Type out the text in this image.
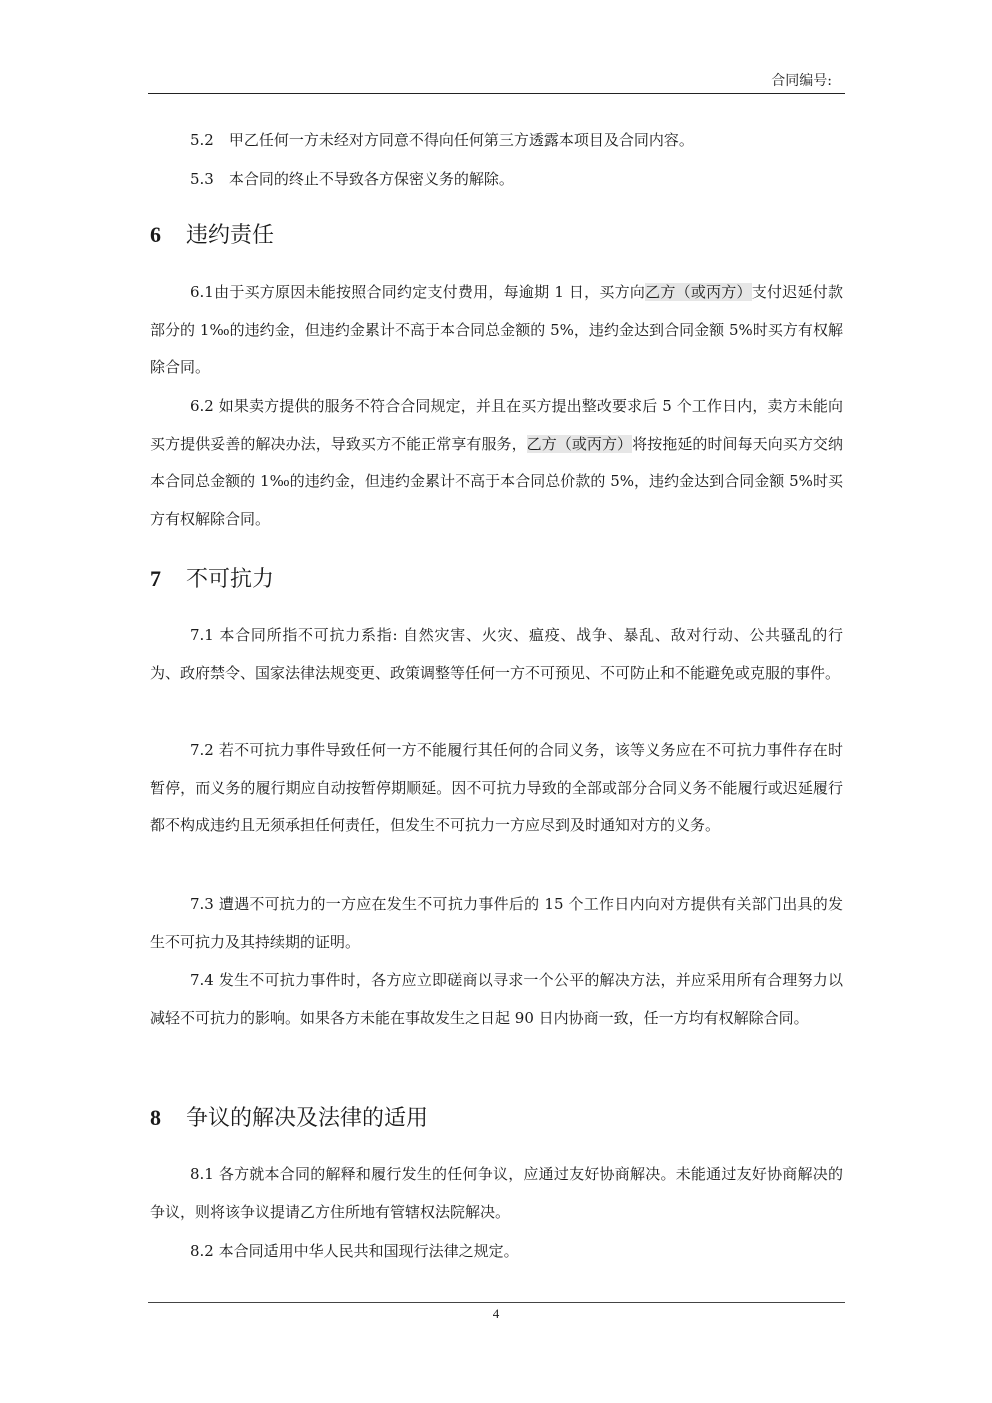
合同编号:

5.2　甲乙任何一方未经对方同意不得向任何第三方透露本项目及合同内容。

5.3　本合同的终止不导致各方保密义务的解除。

6 违约责任

6.1由于买方原因未能按照合同约定支付费用，每逾期 1 日，买方向乙方（或丙方）支付迟延付款部分的 1‰的违约金，但违约金累计不高于本合同总金额的 5%，违约金达到合同金额 5%时买方有权解除合同。

6.2 如果卖方提供的服务不符合合同规定，并且在买方提出整改要求后 5 个工作日内，卖方未能向买方提供妥善的解决办法，导致买方不能正常享有服务，乙方（或丙方）将按拖延的时间每天向买方交纳本合同总金额的 1‰的违约金，但违约金累计不高于本合同总价款的 5%，违约金达到合同金额 5%时买方有权解除合同。

7 不可抗力

7.1 本合同所指不可抗力系指: 自然灾害、火灾、瘟疫、战争、暴乱、敌对行动、公共骚乱的行为、政府禁令、国家法律法规变更、政策调整等任何一方不可预见、不可防止和不能避免或克服的事件。

7.2 若不可抗力事件导致任何一方不能履行其任何的合同义务，该等义务应在不可抗力事件存在时暂停，而义务的履行期应自动按暂停期顺延。因不可抗力导致的全部或部分合同义务不能履行或迟延履行都不构成违约且无须承担任何责任，但发生不可抗力一方应尽到及时通知对方的义务。

7.3 遭遇不可抗力的一方应在发生不可抗力事件后的 15 个工作日内向对方提供有关部门出具的发生不可抗力及其持续期的证明。

7.4 发生不可抗力事件时，各方应立即磋商以寻求一个公平的解决方法，并应采用所有合理努力以减轻不可抗力的影响。如果各方未能在事故发生之日起 90 日内协商一致，任一方均有权解除合同。

8 争议的解决及法律的适用

8.1 各方就本合同的解释和履行发生的任何争议，应通过友好协商解决。未能通过友好协商解决的争议，则将该争议提请乙方住所地有管辖权法院解决。

8.2 本合同适用中华人民共和国现行法律之规定。

4
